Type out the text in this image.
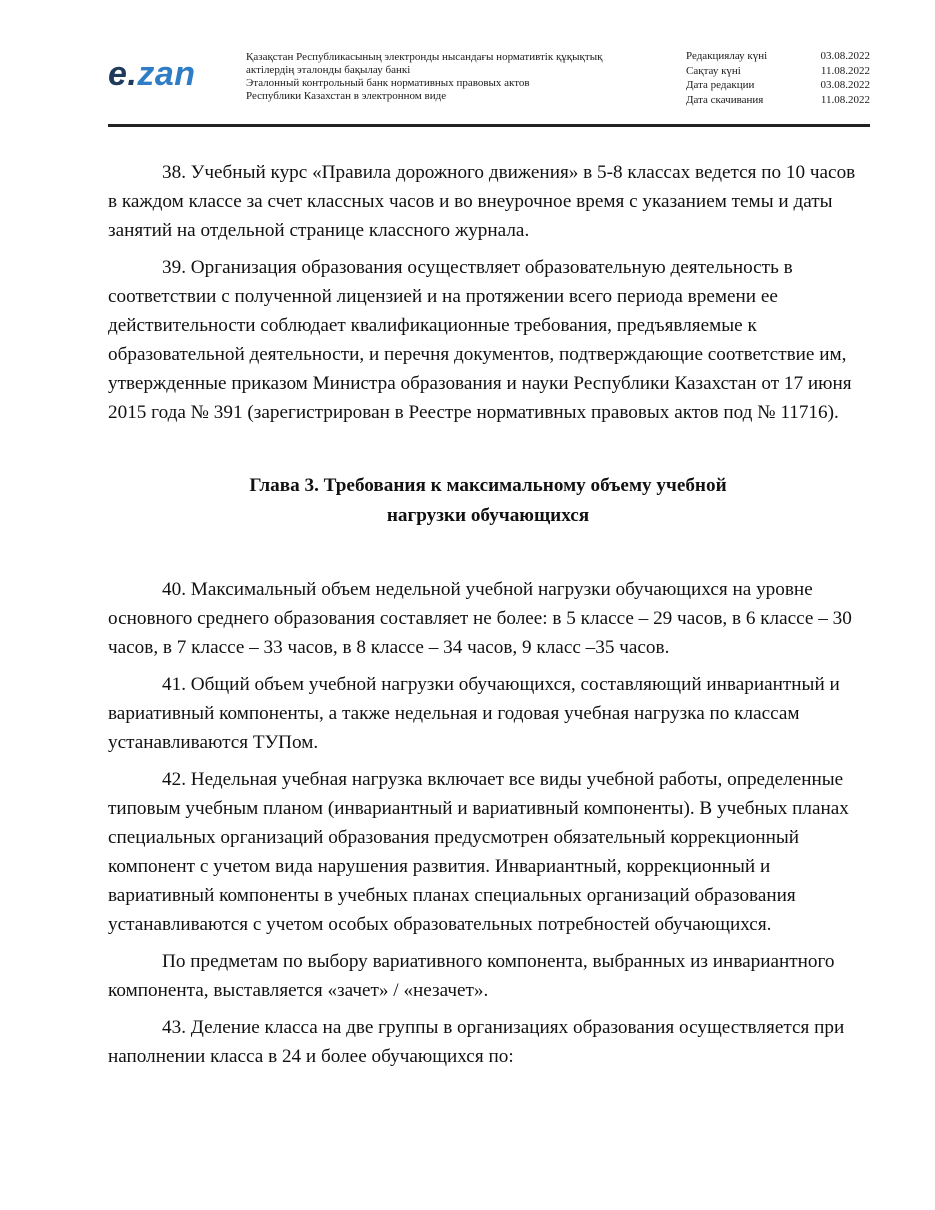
e.zan	Қазақстан Республикасының электронды нысандағы нормативтік құқықтық
актілердің эталонды бақылау банкі
Эталонный контрольный банк нормативных правовых актов
Республики Казахстан в электронном виде
Редакциялау күні	03.08.2022
Сақтау күні	11.08.2022
Дата редакции	03.08.2022
Дата скачивания	11.08.2022

38. Учебный курс «Правила дорожного движения» в 5-8 классах ведется по 10 часов в каждом классе за счет классных часов и во внеурочное время с указанием темы и даты занятий на отдельной странице классного журнала.

39. Организация образования осуществляет образовательную деятельность в соответствии с полученной лицензией и на протяжении всего периода времени ее действительности соблюдает квалификационные требования, предъявляемые к образовательной деятельности, и перечня документов, подтверждающие соответствие им, утвержденные приказом Министра образования и науки Республики Казахстан от 17 июня 2015 года № 391 (зарегистрирован в Реестре нормативных правовых актов под № 11716).

Глава 3. Требования к максимальному объему учебной
нагрузки обучающихся

40. Максимальный объем недельной учебной нагрузки обучающихся на уровне основного среднего образования составляет не более: в 5 классе – 29 часов, в 6 классе – 30 часов, в 7 классе – 33 часов, в 8 классе – 34 часов, 9 класс –35 часов.

41. Общий объем учебной нагрузки обучающихся, составляющий инвариантный и вариативный компоненты, а также недельная и годовая учебная нагрузка по классам устанавливаются ТУПом.

42. Недельная учебная нагрузка включает все виды учебной работы, определенные типовым учебным планом (инвариантный и вариативный компоненты). В учебных планах специальных организаций образования предусмотрен обязательный коррекционный компонент с учетом вида нарушения развития. Инвариантный, коррекционный и вариативный компоненты в учебных планах специальных организаций образования устанавливаются с учетом особых образовательных потребностей обучающихся.

По предметам по выбору вариативного компонента, выбранных из инвариантного компонента, выставляется «зачет» / «незачет».

43. Деление класса на две группы в организациях образования осуществляется при наполнении класса в 24 и более обучающихся по:
